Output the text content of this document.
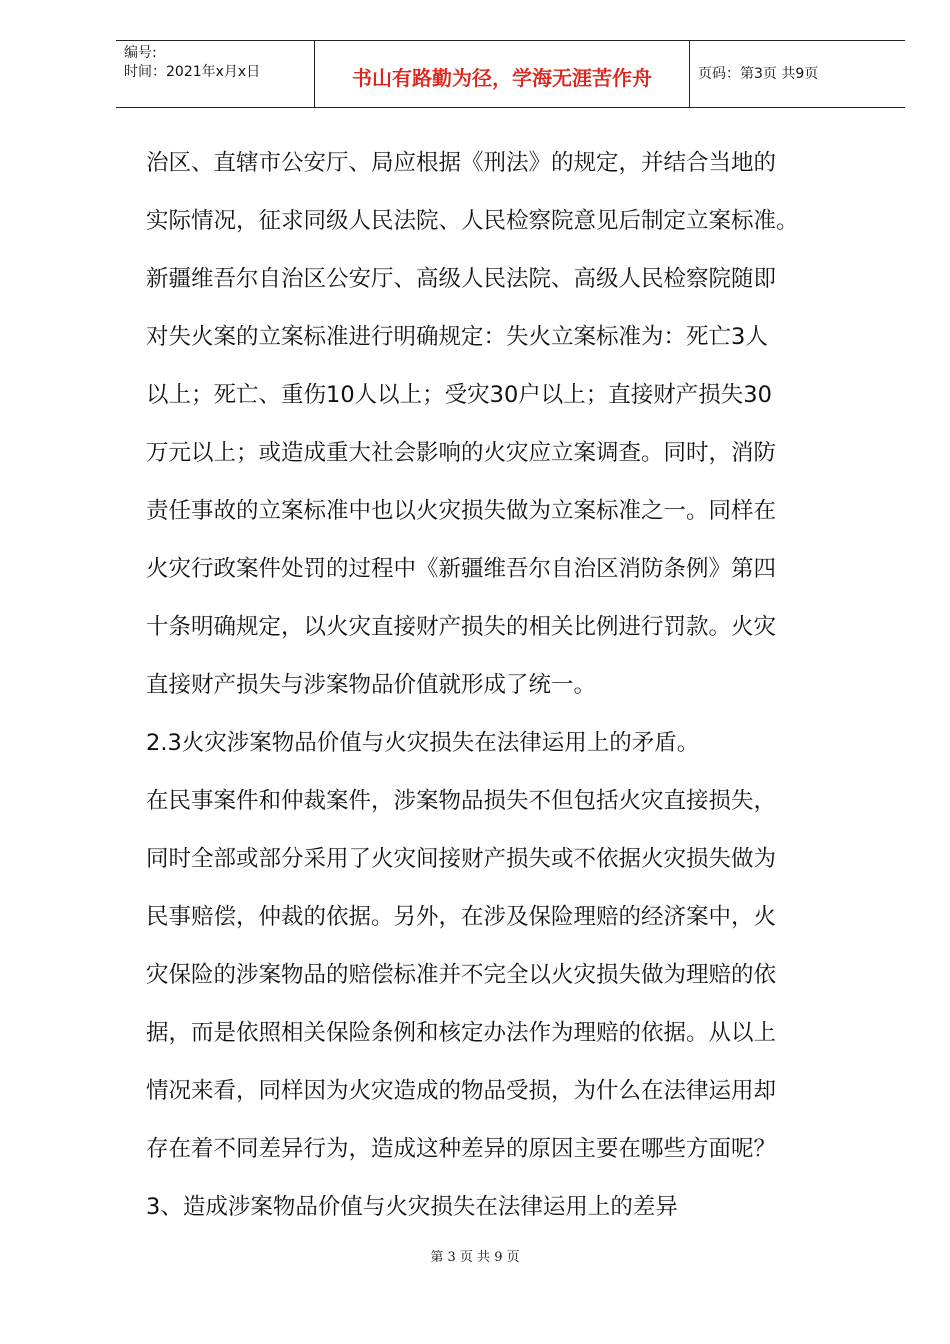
编号:
时间：2021年x月x日	书山有路勤为径，学海无涯苦作舟	页码：第3页 共9页
治区、直辖市公安厅、局应根据《刑法》的规定，并结合当地的
实际情况，征求同级人民法院、人民检察院意见后制定立案标准。
新疆维吾尔自治区公安厅、高级人民法院、高级人民检察院随即
对失火案的立案标准进行明确规定：失火立案标准为：死亡3人
以上；死亡、重伤10人以上；受灾30户以上；直接财产损失30
万元以上；或造成重大社会影响的火灾应立案调查。同时，消防
责任事故的立案标准中也以火灾损失做为立案标准之一。同样在
火灾行政案件处罚的过程中《新疆维吾尔自治区消防条例》第四
十条明确规定，以火灾直接财产损失的相关比例进行罚款。火灾
直接财产损失与涉案物品价值就形成了统一。
2.3火灾涉案物品价值与火灾损失在法律运用上的矛盾。
在民事案件和仲裁案件，涉案物品损失不但包括火灾直接损失，
同时全部或部分采用了火灾间接财产损失或不依据火灾损失做为
民事赔偿，仲裁的依据。另外，在涉及保险理赔的经济案中，火
灾保险的涉案物品的赔偿标准并不完全以火灾损失做为理赔的依
据，而是依照相关保险条例和核定办法作为理赔的依据。从以上
情况来看，同样因为火灾造成的物品受损，为什么在法律运用却
存在着不同差异行为，造成这种差异的原因主要在哪些方面呢？
3、造成涉案物品价值与火灾损失在法律运用上的差异
第 3 页 共 9 页
